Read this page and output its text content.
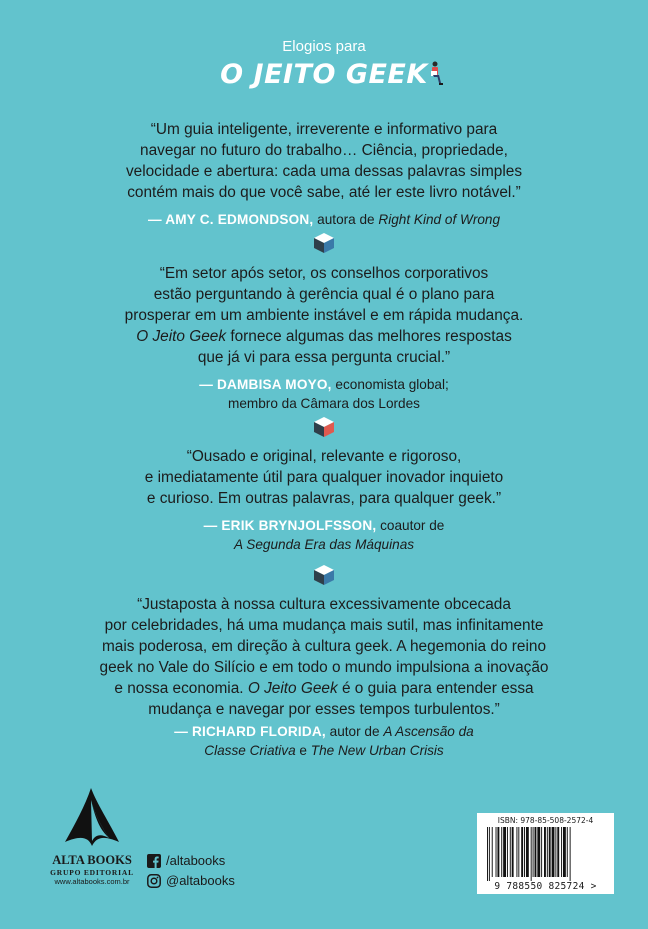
Elogios para
O JEITO GEEK

“Um guia inteligente, irreverente e informativo para

navegar no futuro do trabalho… Ciência, propriedade,

velocidade e abertura: cada uma dessas palavras simples

contém mais do que você sabe, até ler este livro notável.”

— AMY C. EDMONDSON, autora de Right Kind of Wrong

“Em setor após setor, os conselhos corporativos

estão perguntando à gerência qual é o plano para

prosperar em um ambiente instável e em rápida mudança.

O Jeito Geek fornece algumas das melhores respostas

que já vi para essa pergunta crucial.”

— DAMBISA MOYO, economista global;

membro da Câmara dos Lordes

“Ousado e original, relevante e rigoroso,

e imediatamente útil para qualquer inovador inquieto

e curioso. Em outras palavras, para qualquer geek.”

— ERIK BRYNJOLFSSON, coautor de

A Segunda Era das Máquinas

“Justaposta à nossa cultura excessivamente obcecada

por celebridades, há uma mudança mais sutil, mas infinitamente

mais poderosa, em direção à cultura geek. A hegemonia do reino

geek no Vale do Silício e em todo o mundo impulsiona a inovação

e nossa economia. O Jeito Geek é o guia para entender essa

mudança e navegar por esses tempos turbulentos.”

— RICHARD FLORIDA, autor de A Ascensão da

Classe Criativa e The New Urban Crisis

ALTA BOOKS
GRUPO EDITORIAL
www.altabooks.com.br
/altabooks
@altabooks
ISBN: 978-85-508-2572-4
9 788550 825724 >
